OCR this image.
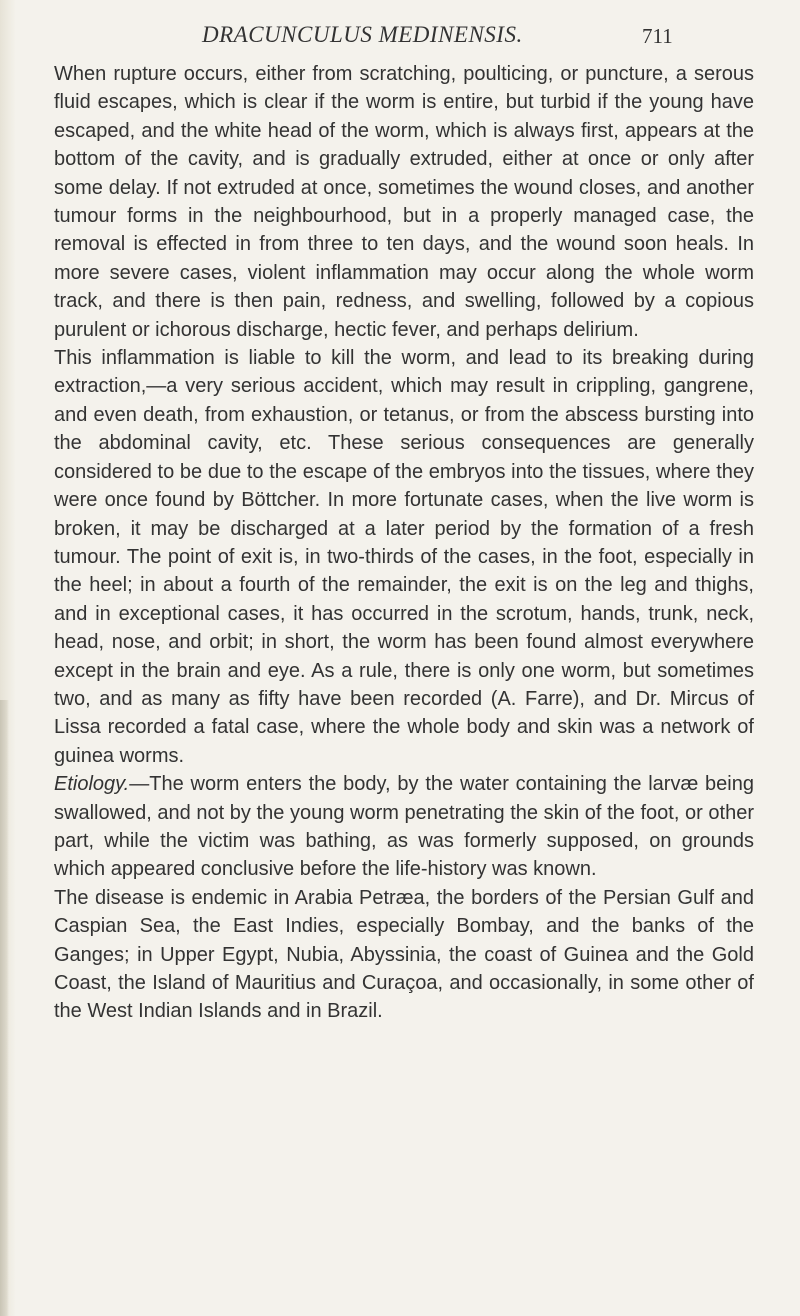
DRACUNCULUS MEDINENSIS.	711

When rupture occurs, either from scratching, poulticing, or puncture, a serous fluid escapes, which is clear if the worm is entire, but turbid if the young have escaped, and the white head of the worm, which is always first, appears at the bottom of the cavity, and is gradually extruded, either at once or only after some delay. If not extruded at once, sometimes the wound closes, and another tumour forms in the neighbourhood, but in a properly managed case, the removal is effected in from three to ten days, and the wound soon heals. In more severe cases, violent inflammation may occur along the whole worm track, and there is then pain, redness, and swelling, followed by a copious purulent or ichorous discharge, hectic fever, and perhaps delirium.

This inflammation is liable to kill the worm, and lead to its breaking during extraction,—a very serious accident, which may result in crippling, gangrene, and even death, from exhaustion, or tetanus, or from the abscess bursting into the abdominal cavity, etc. These serious consequences are generally considered to be due to the escape of the embryos into the tissues, where they were once found by Böttcher. In more fortunate cases, when the live worm is broken, it may be discharged at a later period by the formation of a fresh tumour. The point of exit is, in two-thirds of the cases, in the foot, especially in the heel; in about a fourth of the remainder, the exit is on the leg and thighs, and in exceptional cases, it has occurred in the scrotum, hands, trunk, neck, head, nose, and orbit; in short, the worm has been found almost everywhere except in the brain and eye. As a rule, there is only one worm, but sometimes two, and as many as fifty have been recorded (A. Farre), and Dr. Mircus of Lissa recorded a fatal case, where the whole body and skin was a network of guinea worms.

Etiology.—The worm enters the body, by the water containing the larvæ being swallowed, and not by the young worm penetrating the skin of the foot, or other part, while the victim was bathing, as was formerly supposed, on grounds which appeared conclusive before the life-history was known.

The disease is endemic in Arabia Petræa, the borders of the Persian Gulf and Caspian Sea, the East Indies, especially Bombay, and the banks of the Ganges; in Upper Egypt, Nubia, Abyssinia, the coast of Guinea and the Gold Coast, the Island of Mauritius and Curaçoa, and occasionally, in some other of the West Indian Islands and in Brazil.
